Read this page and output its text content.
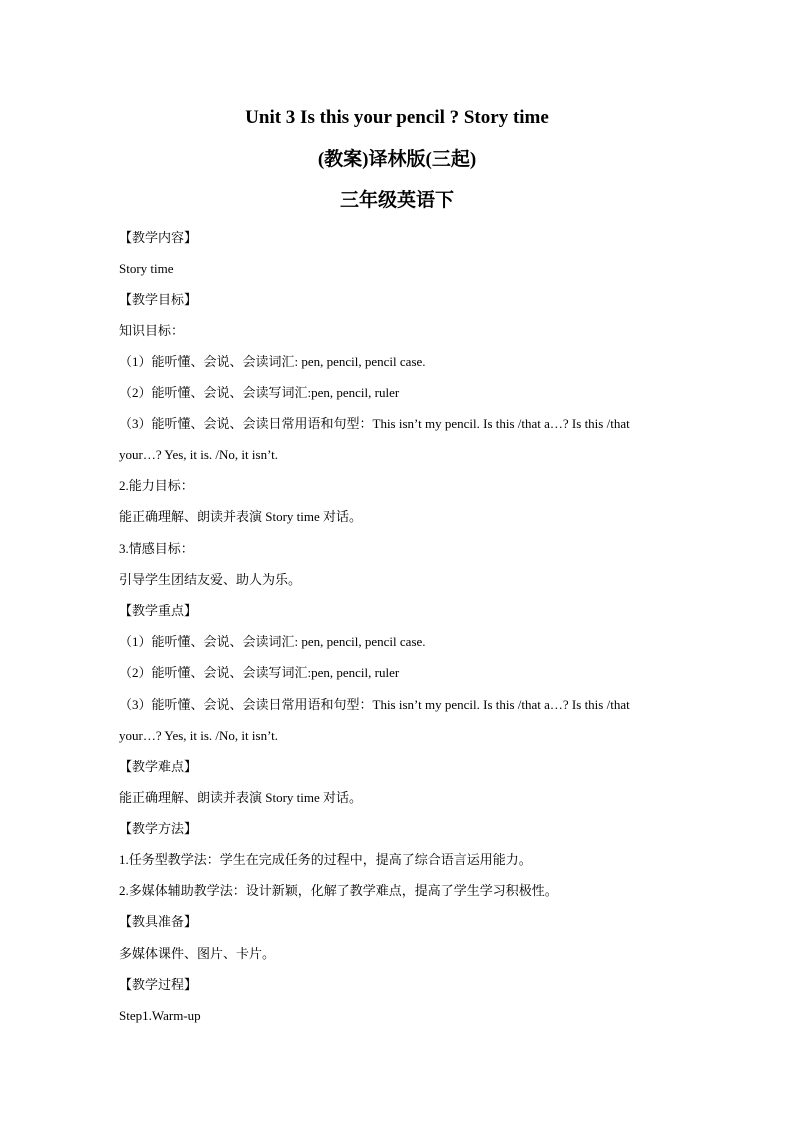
Unit 3 Is this your pencil ? Story time
(教案)译林版(三起)
三年级英语下
【教学内容】
Story time
【教学目标】
知识目标：
（1）能听懂、会说、会读词汇: pen, pencil, pencil case.
（2）能听懂、会说、会读写词汇:pen, pencil, ruler
（3）能听懂、会说、会读日常用语和句型：This isn’t my pencil. Is this /that a…? Is this /that
your…? Yes, it is. /No, it isn’t.
2.能力目标：
能正确理解、朗读并表演 Story time 对话。
3.情感目标：
引导学生团结友爱、助人为乐。
【教学重点】
（1）能听懂、会说、会读词汇: pen, pencil, pencil case.
（2）能听懂、会说、会读写词汇:pen, pencil, ruler
（3）能听懂、会说、会读日常用语和句型：This isn’t my pencil. Is this /that a…? Is this /that
your…? Yes, it is. /No, it isn’t.
【教学难点】
能正确理解、朗读并表演 Story time 对话。
【教学方法】
1.任务型教学法：学生在完成任务的过程中，提高了综合语言运用能力。
2.多媒体辅助教学法：设计新颖，化解了教学难点，提高了学生学习积极性。
【教具准备】
多媒体课件、图片、卡片。
【教学过程】
Step1.Warm-up
